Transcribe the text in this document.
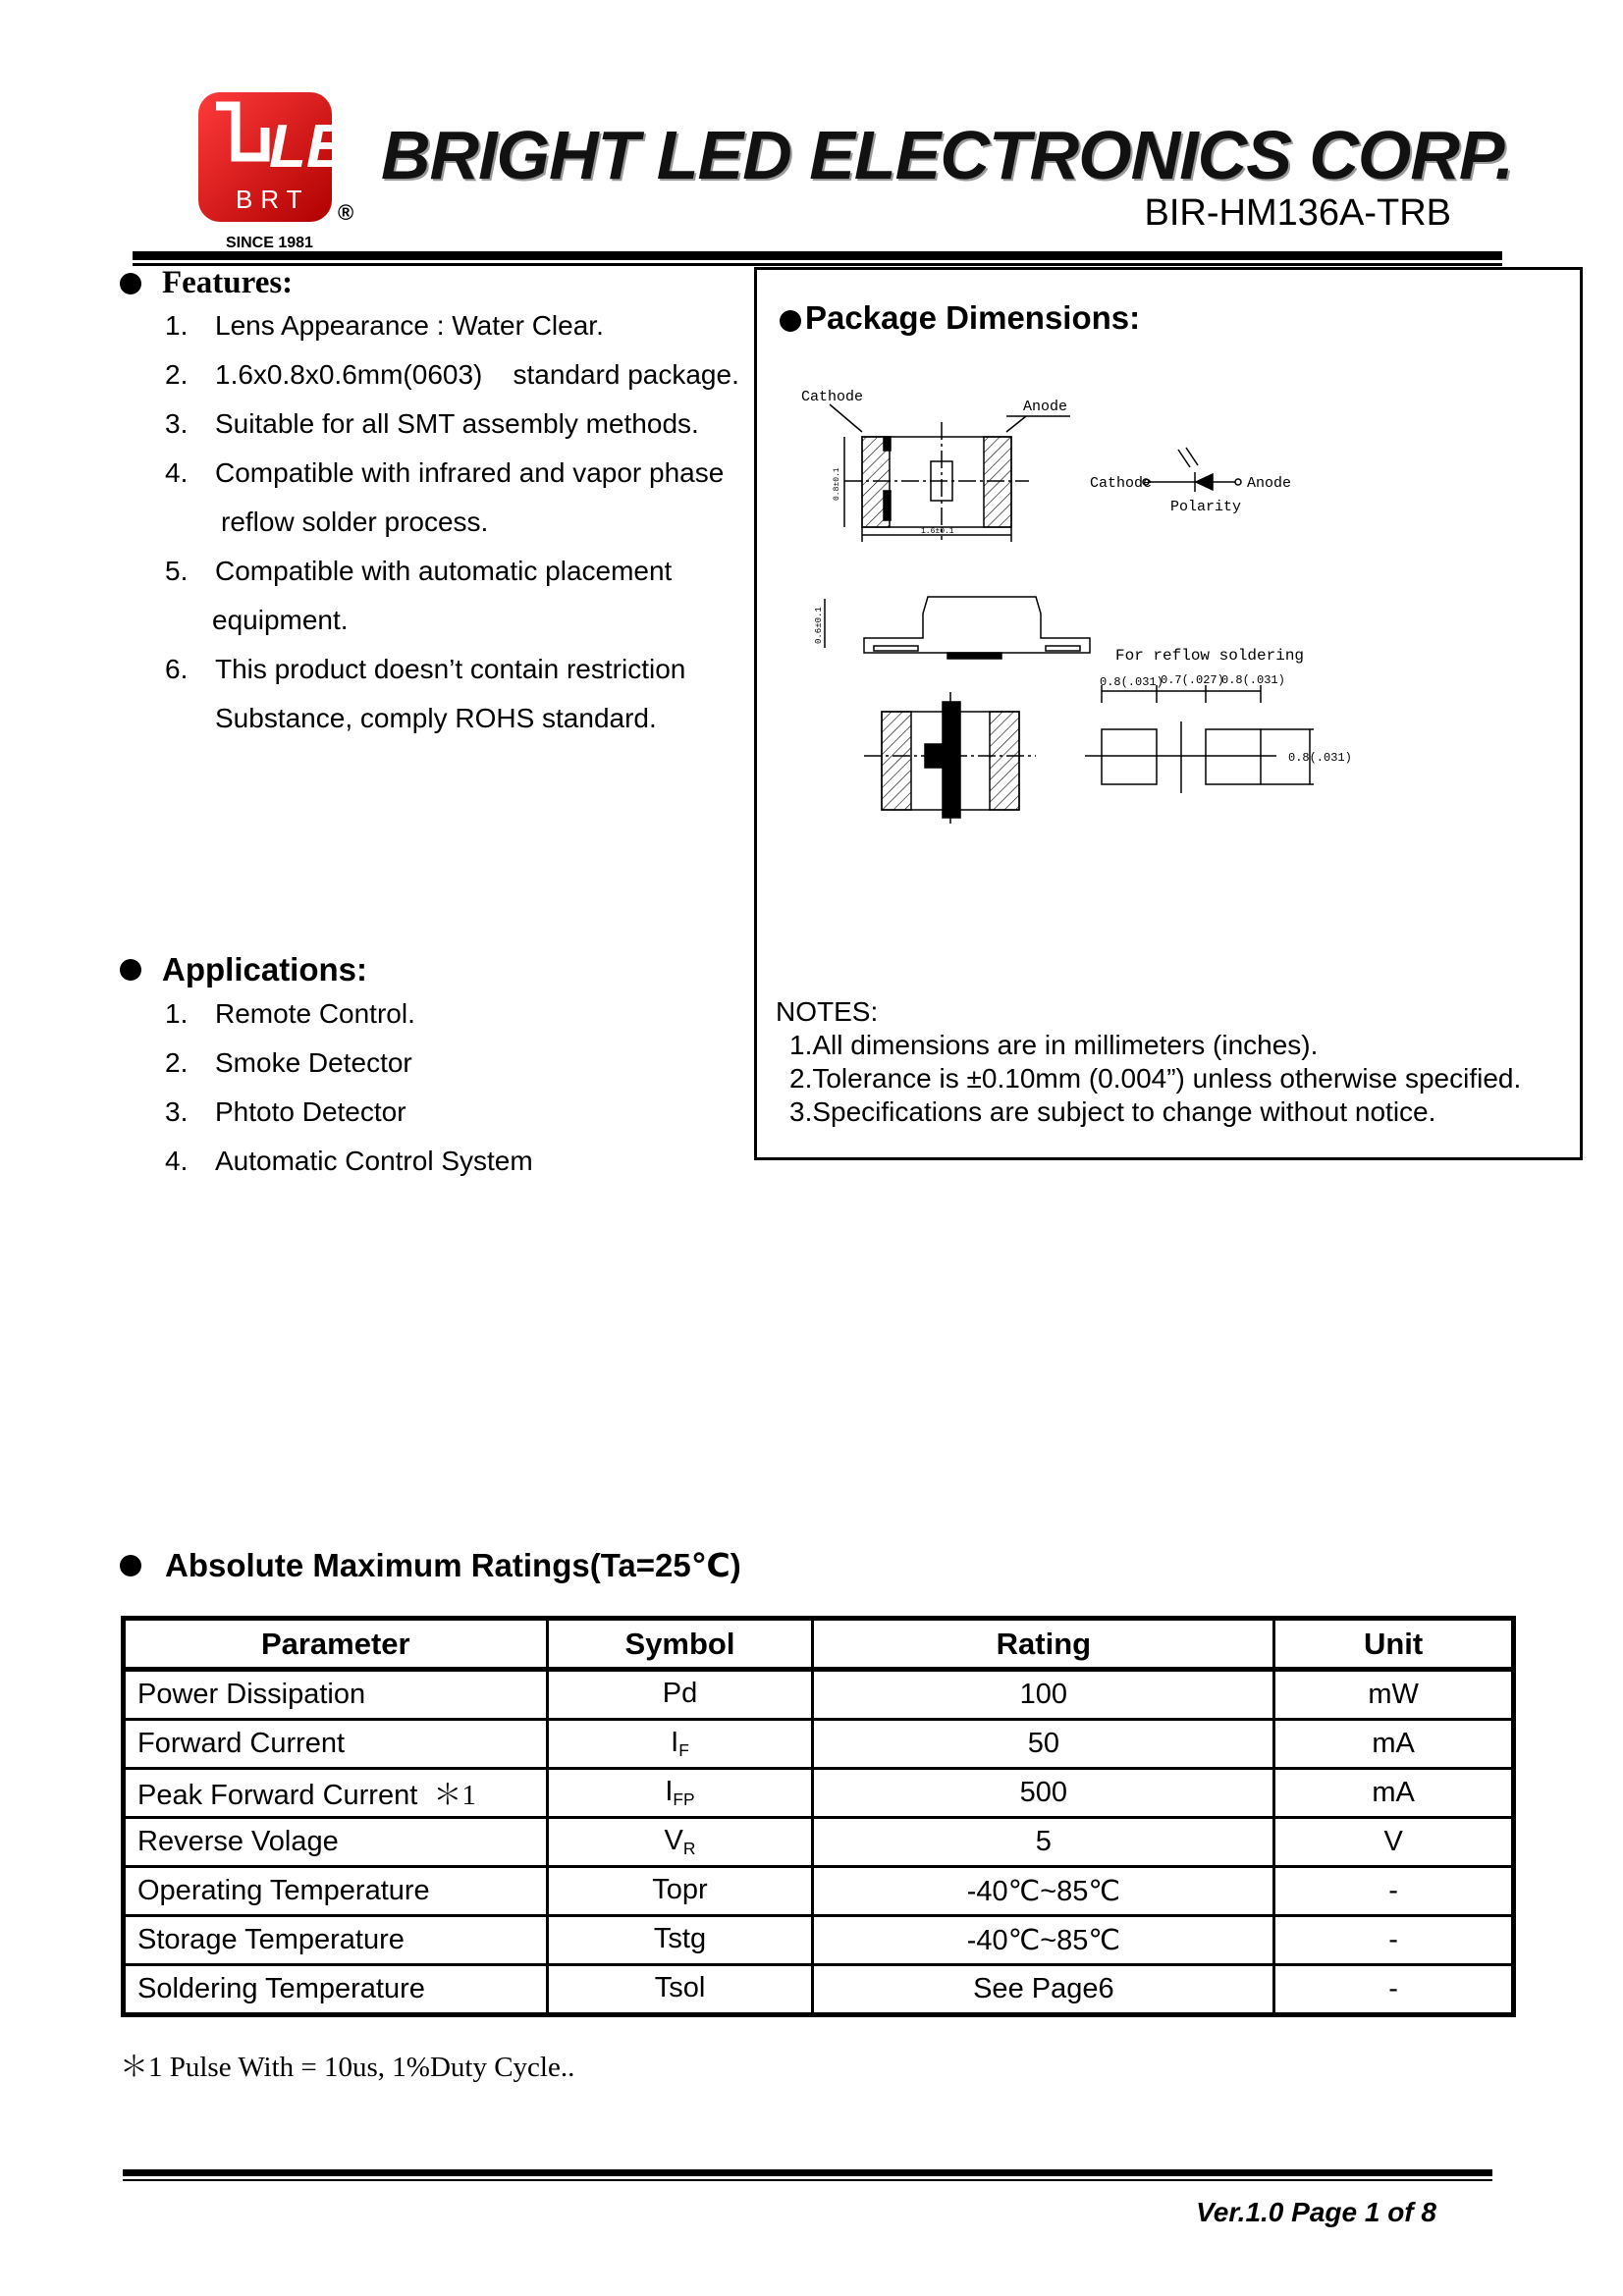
LED
BRT
SINCE 1981
®
BRIGHT LED ELECTRONICS CORP.
BIR-HM136A-TRB
Features:
1. Lens Appearance : Water Clear.
2. 1.6x0.8x0.6mm(0603)    standard package.
3. Suitable for all SMT assembly methods.
4. Compatible with infrared and vapor phase
reflow solder process.
5. Compatible with automatic placement
equipment.
6. This product doesn’t contain restriction
Substance, comply ROHS standard.
Applications:
1. Remote Control.
2. Smoke Detector
3. Phtoto Detector
4. Automatic Control System
Package Dimensions:
Cathode
Anode
1.6±0.1
0.8±0.1
0.6±0.1
Cathode	Anode
Polarity
For reflow soldering
0.8(.031)
0.7(.027)
0.8(.031)
0.8(.031)
NOTES:
1.All dimensions are in millimeters (inches).
2.Tolerance is ±0.10mm (0.004”) unless otherwise specified.
3.Specifications are subject to change without notice.
Absolute Maximum Ratings(Ta=25℃)
Parameter	Symbol	Rating	Unit
Power Dissipation	Pd	100	mW
Forward Current	$I_F$	50	mA
Peak Forward Current ＊1	$I_{FP}$	500	mA
Reverse Volage	$V_R$	5	V
Operating Temperature	Topr	-40℃~85℃	-
Storage Temperature	Tstg	-40℃~85℃	-
Soldering Temperature	Tsol	See Page6	-
＊1 Pulse With = 10us, 1%Duty Cycle..
Ver.1.0 Page 1 of 8
